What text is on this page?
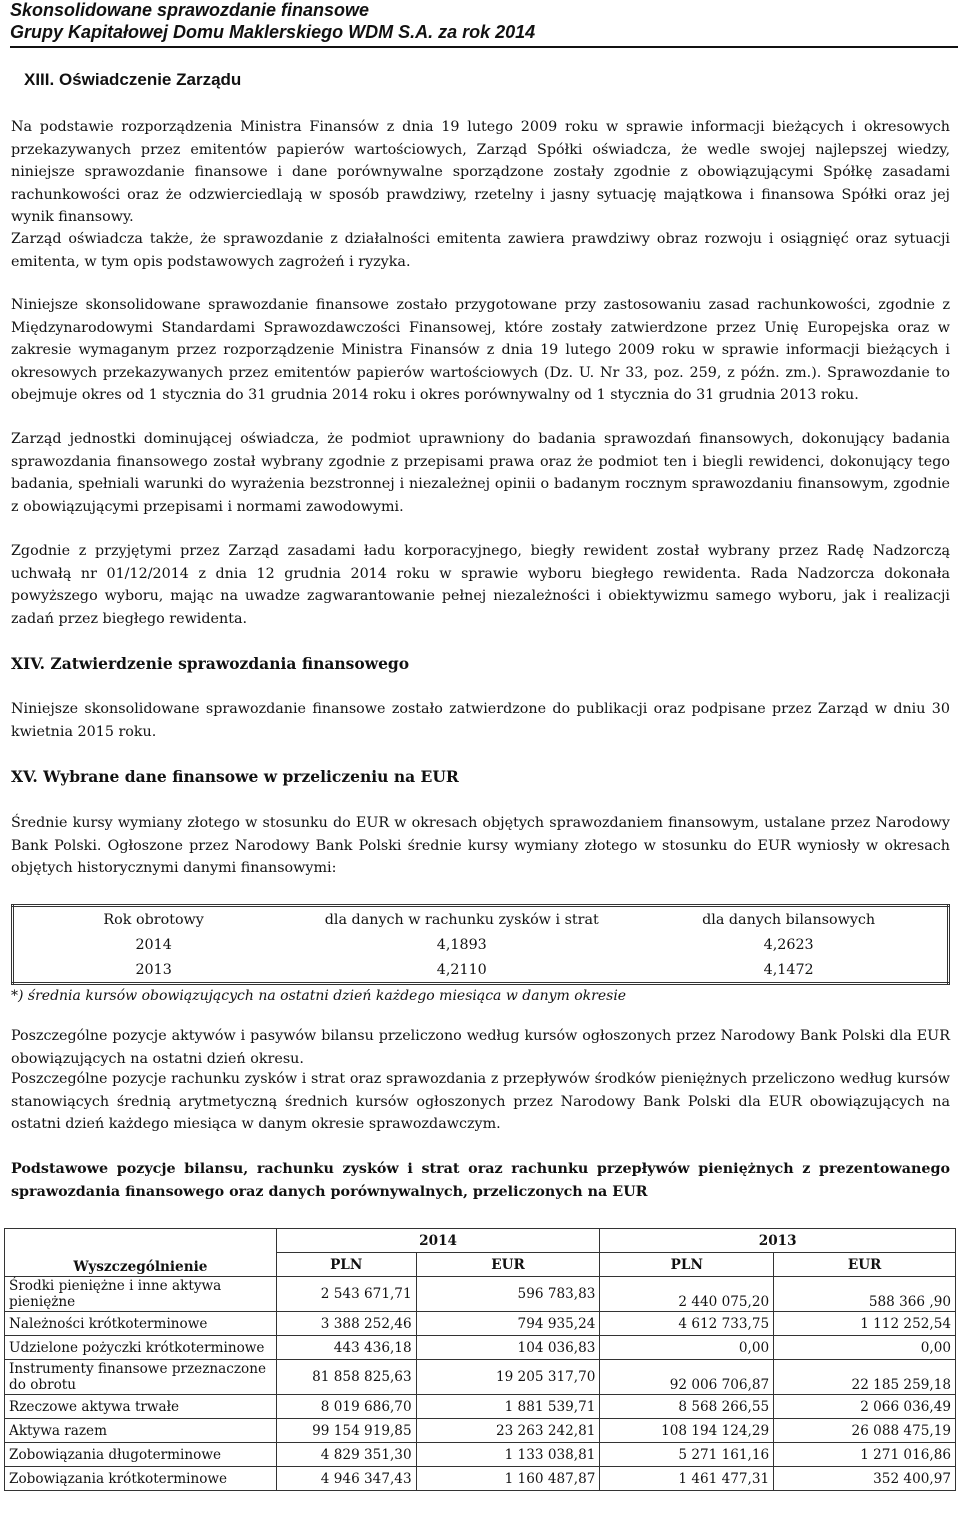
Skonsolidowane sprawozdanie finansowe
Grupy Kapitałowej Domu Maklerskiego WDM S.A. za rok 2014
XIII. Oświadczenie Zarządu

Na podstawie rozporządzenia Ministra Finansów z dnia 19 lutego 2009 roku w sprawie informacji bieżących i okresowych przekazywanych przez emitentów papierów wartościowych, Zarząd Spółki oświadcza, że wedle swojej najlepszej wiedzy, niniejsze sprawozdanie finansowe i dane porównywalne sporządzone zostały zgodnie z obowiązującymi Spółkę zasadami rachunkowości oraz że odzwierciedlają w sposób prawdziwy, rzetelny i jasny sytuację majątkowa i finansowa Spółki oraz jej wynik finansowy.

Zarząd oświadcza także, że sprawozdanie z działalności emitenta zawiera prawdziwy obraz rozwoju i osiągnięć oraz sytuacji emitenta, w tym opis podstawowych zagrożeń i ryzyka.

Niniejsze skonsolidowane sprawozdanie finansowe zostało przygotowane przy zastosowaniu zasad rachunkowości, zgodnie z Międzynarodowymi Standardami Sprawozdawczości Finansowej, które zostały zatwierdzone przez Unię Europejska oraz w zakresie wymaganym przez rozporządzenie Ministra Finansów z dnia 19 lutego 2009 roku w sprawie informacji bieżących i okresowych przekazywanych przez emitentów papierów wartościowych (Dz. U. Nr 33, poz. 259, z późn. zm.). Sprawozdanie to obejmuje okres od 1 stycznia do 31 grudnia 2014 roku i okres porównywalny od 1 stycznia do 31 grudnia 2013 roku.

Zarząd jednostki dominującej oświadcza, że podmiot uprawniony do badania sprawozdań finansowych, dokonujący badania sprawozdania finansowego został wybrany zgodnie z przepisami prawa oraz że podmiot ten i biegli rewidenci, dokonujący tego badania, spełniali warunki do wyrażenia bezstronnej i niezależnej opinii o badanym rocznym sprawozdaniu finansowym, zgodnie z obowiązującymi przepisami i normami zawodowymi.

Zgodnie z przyjętymi przez Zarząd zasadami ładu korporacyjnego, biegły rewident został wybrany przez Radę Nadzorczą uchwałą nr 01/12/2014 z dnia 12 grudnia 2014 roku w sprawie wyboru biegłego rewidenta. Rada Nadzorcza dokonała powyższego wyboru, mając na uwadze zagwarantowanie pełnej niezależności i obiektywizmu samego wyboru, jak i realizacji zadań przez biegłego rewidenta.

XIV. Zatwierdzenie sprawozdania finansowego

Niniejsze skonsolidowane sprawozdanie finansowe zostało zatwierdzone do publikacji oraz podpisane przez Zarząd w dniu 30 kwietnia 2015 roku.

XV. Wybrane dane finansowe w przeliczeniu na EUR

Średnie kursy wymiany złotego w stosunku do EUR w okresach objętych sprawozdaniem finansowym, ustalane przez Narodowy Bank Polski. Ogłoszone przez Narodowy Bank Polski średnie kursy wymiany złotego w stosunku do EUR wyniosły w okresach objętych historycznymi danymi finansowymi:

Rok obrotowy	dla danych w rachunku zysków i strat	dla danych bilansowych
2014	4,1893	4,2623
2013	4,2110	4,1472
*) średnia kursów obowiązujących na ostatni dzień każdego miesiąca w danym okresie

Poszczególne pozycje aktywów i pasywów bilansu przeliczono według kursów ogłoszonych przez Narodowy Bank Polski dla EUR obowiązujących na ostatni dzień okresu.

Poszczególne pozycje rachunku zysków i strat oraz sprawozdania z przepływów środków pieniężnych przeliczono według kursów stanowiących średnią arytmetyczną średnich kursów ogłoszonych przez Narodowy Bank Polski dla EUR obowiązujących na ostatni dzień każdego miesiąca w danym okresie sprawozdawczym.

Podstawowe pozycje bilansu, rachunku zysków i strat oraz rachunku przepływów pieniężnych z prezentowanego sprawozdania finansowego oraz danych porównywalnych, przeliczonych na EUR

Wyszczególnienie	2014		2013	
	PLN	EUR	PLN	EUR
Środki pieniężne i inne aktywa pieniężne	2 543 671,71	596 783,83	2 440 075,20	588 366 ,90
Należności krótkoterminowe	3 388 252,46	794 935,24	4 612 733,75	1 112 252,54
Udzielone pożyczki krótkoterminowe	443 436,18	104 036,83	0,00	0,00
Instrumenty finansowe przeznaczone do obrotu	81 858 825,63	19 205 317,70	92 006 706,87	22 185 259,18
Rzeczowe aktywa trwałe	8 019 686,70	1 881 539,71	8 568 266,55	2 066 036,49
Aktywa razem	99 154 919,85	23 263 242,81	108 194 124,29	26 088 475,19
Zobowiązania długoterminowe	4 829 351,30	1 133 038,81	5 271 161,16	1 271 016,86
Zobowiązania krótkoterminowe	4 946 347,43	1 160 487,87	1 461 477,31	352 400,97
